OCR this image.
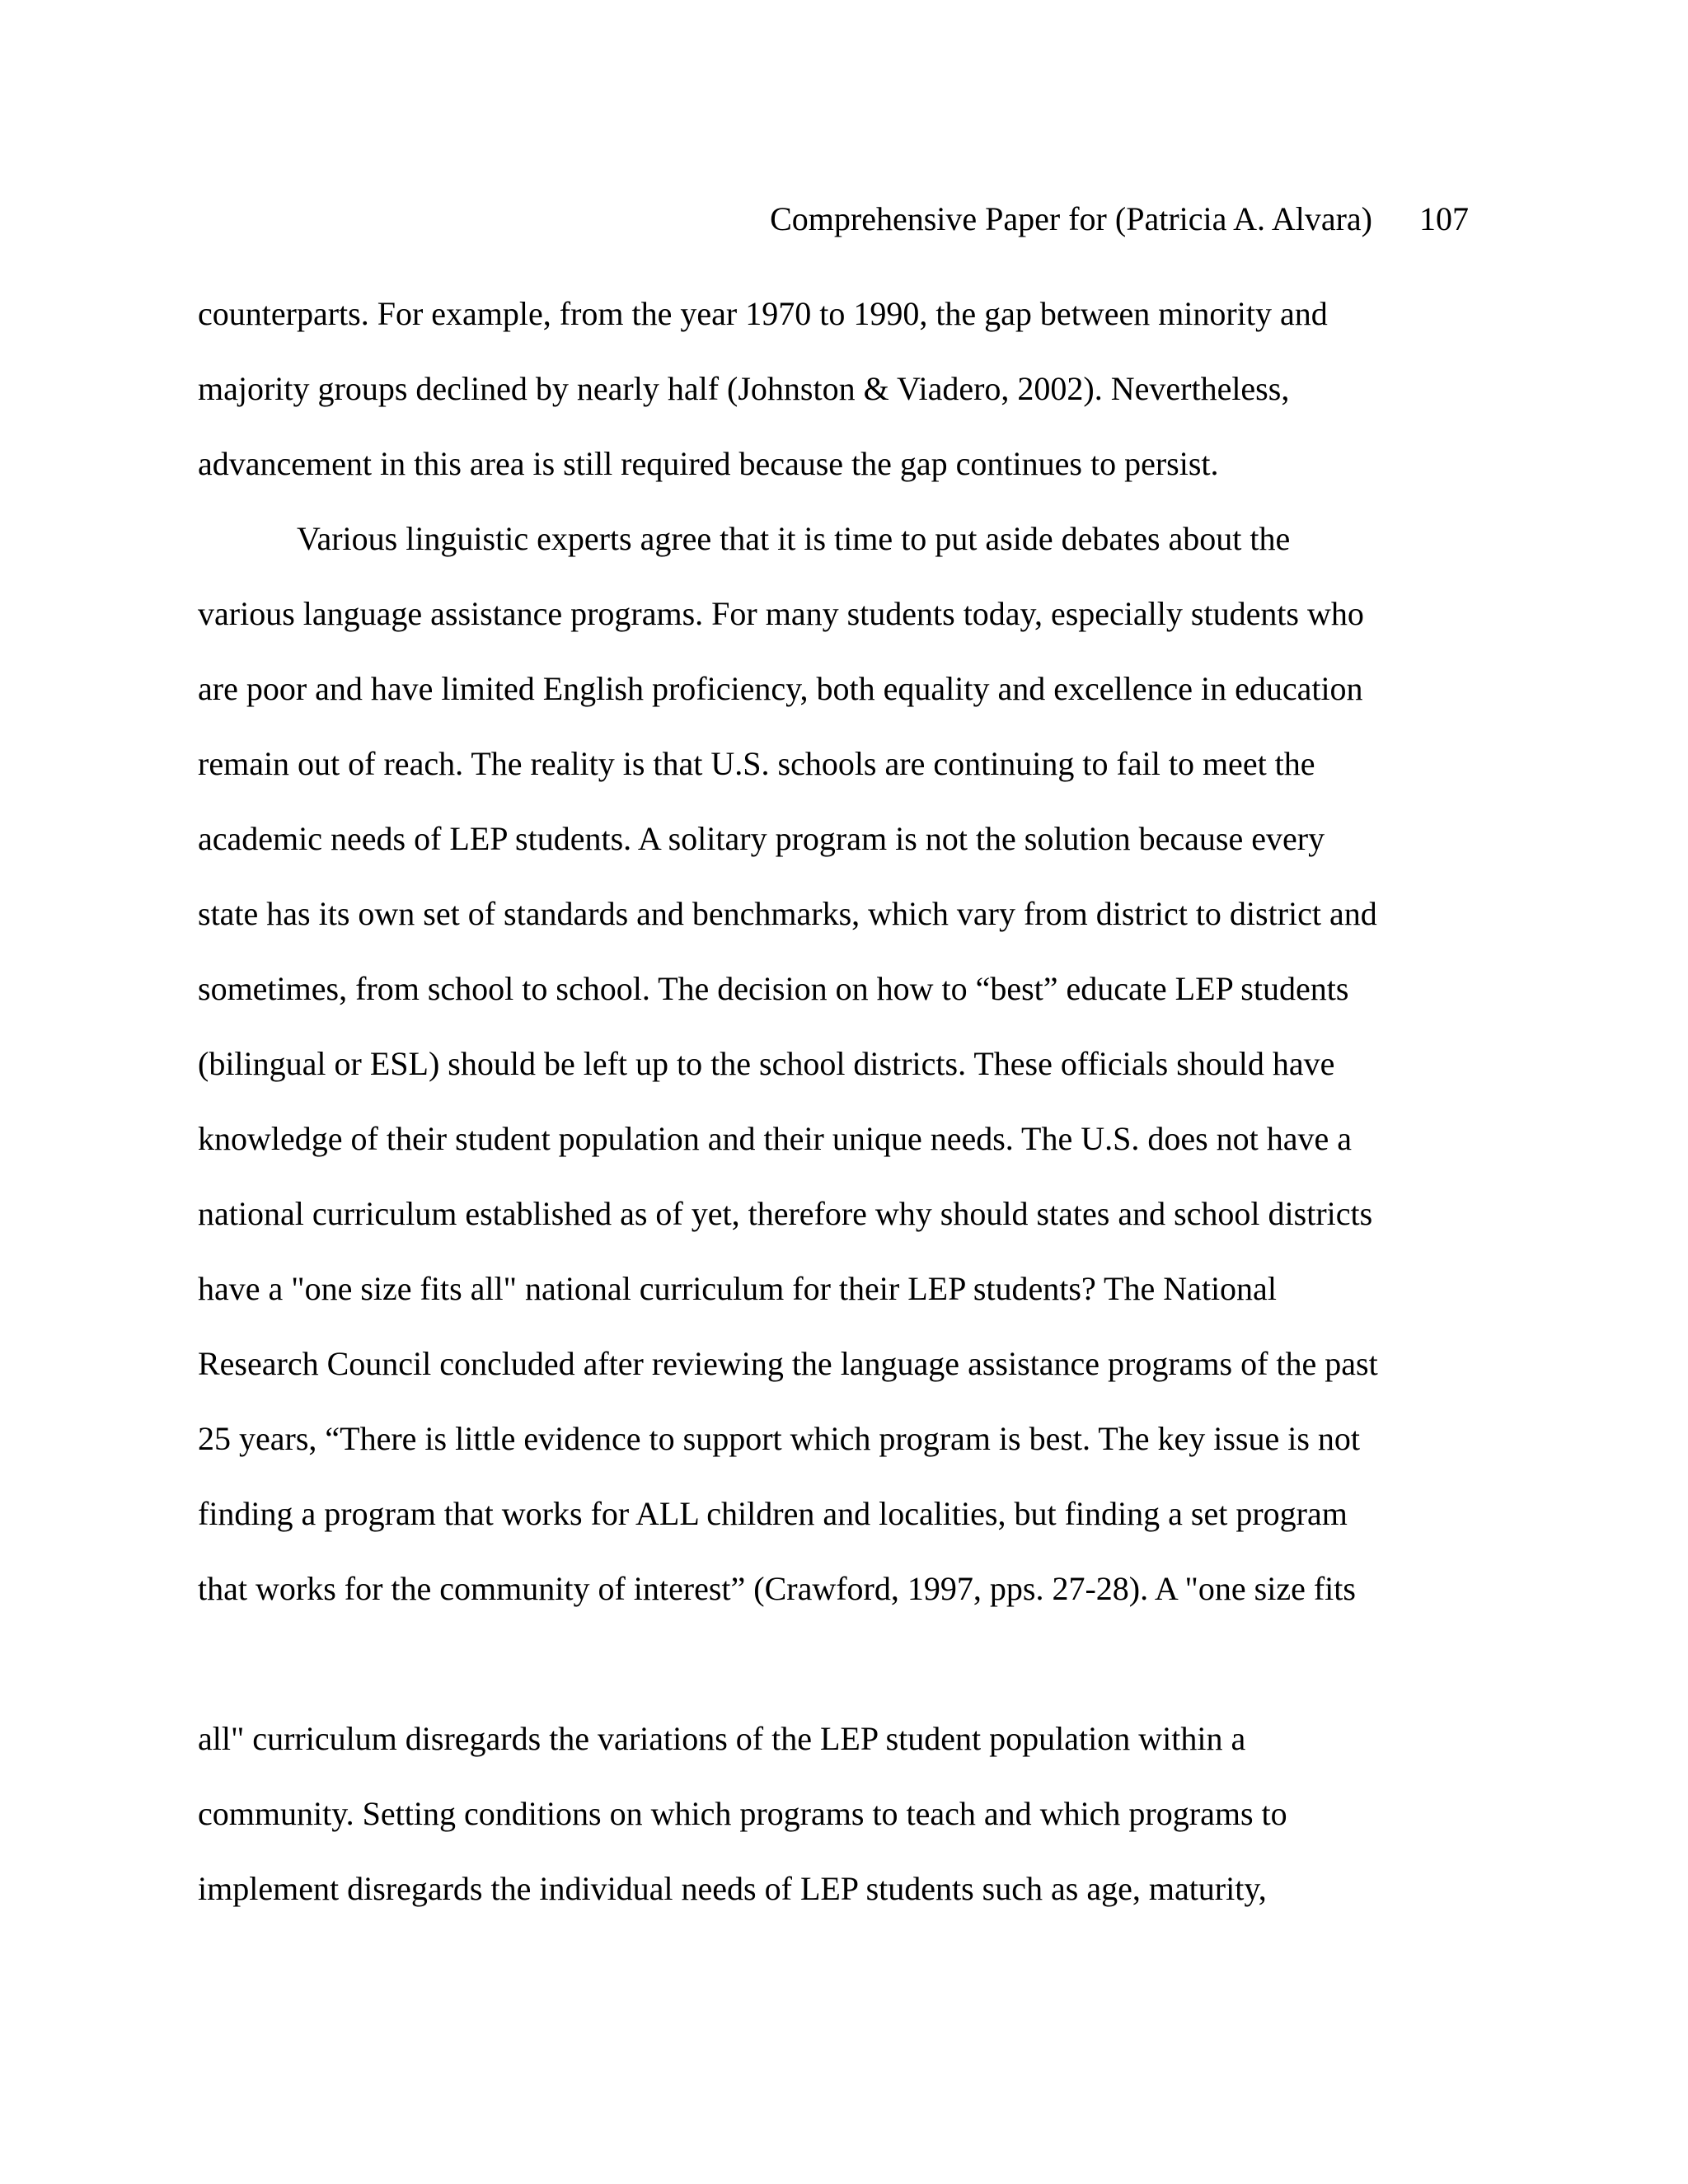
Comprehensive Paper for (Patricia A. Alvara) 107
counterparts. For example, from the year 1970 to 1990, the gap between minority and
majority groups declined by nearly half (Johnston & Viadero, 2002). Nevertheless,
advancement in this area is still required because the gap continues to persist.
Various linguistic experts agree that it is time to put aside debates about the
various language assistance programs. For many students today, especially students who
are poor and have limited English proficiency, both equality and excellence in education
remain out of reach. The reality is that U.S. schools are continuing to fail to meet the
academic needs of LEP students. A solitary program is not the solution because every
state has its own set of standards and benchmarks, which vary from district to district and
sometimes, from school to school. The decision on how to “best” educate LEP students
(bilingual or ESL) should be left up to the school districts. These officials should have
knowledge of their student population and their unique needs. The U.S. does not have a
national curriculum established as of yet, therefore why should states and school districts
have a "one size fits all" national curriculum for their LEP students? The National
Research Council concluded after reviewing the language assistance programs of the past
25 years, “There is little evidence to support which program is best. The key issue is not
finding a program that works for ALL children and localities, but finding a set program
that works for the community of interest” (Crawford, 1997, pps. 27-28). A "one size fits
all" curriculum disregards the variations of the LEP student population within a
community. Setting conditions on which programs to teach and which programs to
implement disregards the individual needs of LEP students such as age, maturity,
